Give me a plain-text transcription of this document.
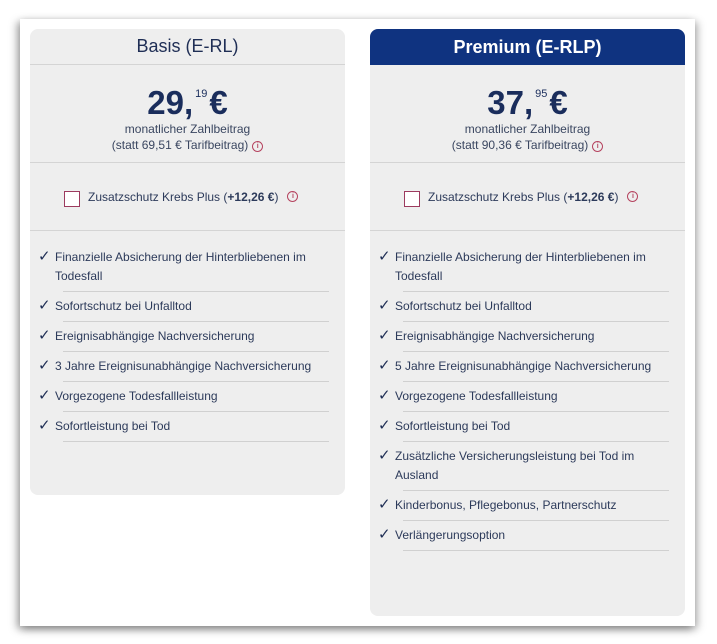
Basis (E-RL)
29, $^{19}$€
monatlicher Zahlbeitrag
(statt 69,51 € Tarifbeitrag) i
Zusatzschutz Krebs Plus (+12,26 €)	i
✓ Finanzielle Absicherung der Hinterbliebenen im Todesfall
✓ Sofortschutz bei Unfalltod
✓ Ereignisabhängige Nachversicherung
✓ 3 Jahre Ereignisunabhängige Nachversicherung
✓ Vorgezogene Todesfallleistung
✓ Sofortleistung bei Tod
Premium (E-RLP)
37, $^{95}$€
monatlicher Zahlbeitrag
(statt 90,36 € Tarifbeitrag) i
Zusatzschutz Krebs Plus (+12,26 €)	i
✓ Finanzielle Absicherung der Hinterbliebenen im Todesfall
✓ Sofortschutz bei Unfalltod
✓ Ereignisabhängige Nachversicherung
✓ 5 Jahre Ereignisunabhängige Nachversicherung
✓ Vorgezogene Todesfallleistung
✓ Sofortleistung bei Tod
✓ Zusätzliche Versicherungsleistung bei Tod im Ausland
✓ Kinderbonus, Pflegebonus, Partnerschutz
✓ Verlängerungsoption
